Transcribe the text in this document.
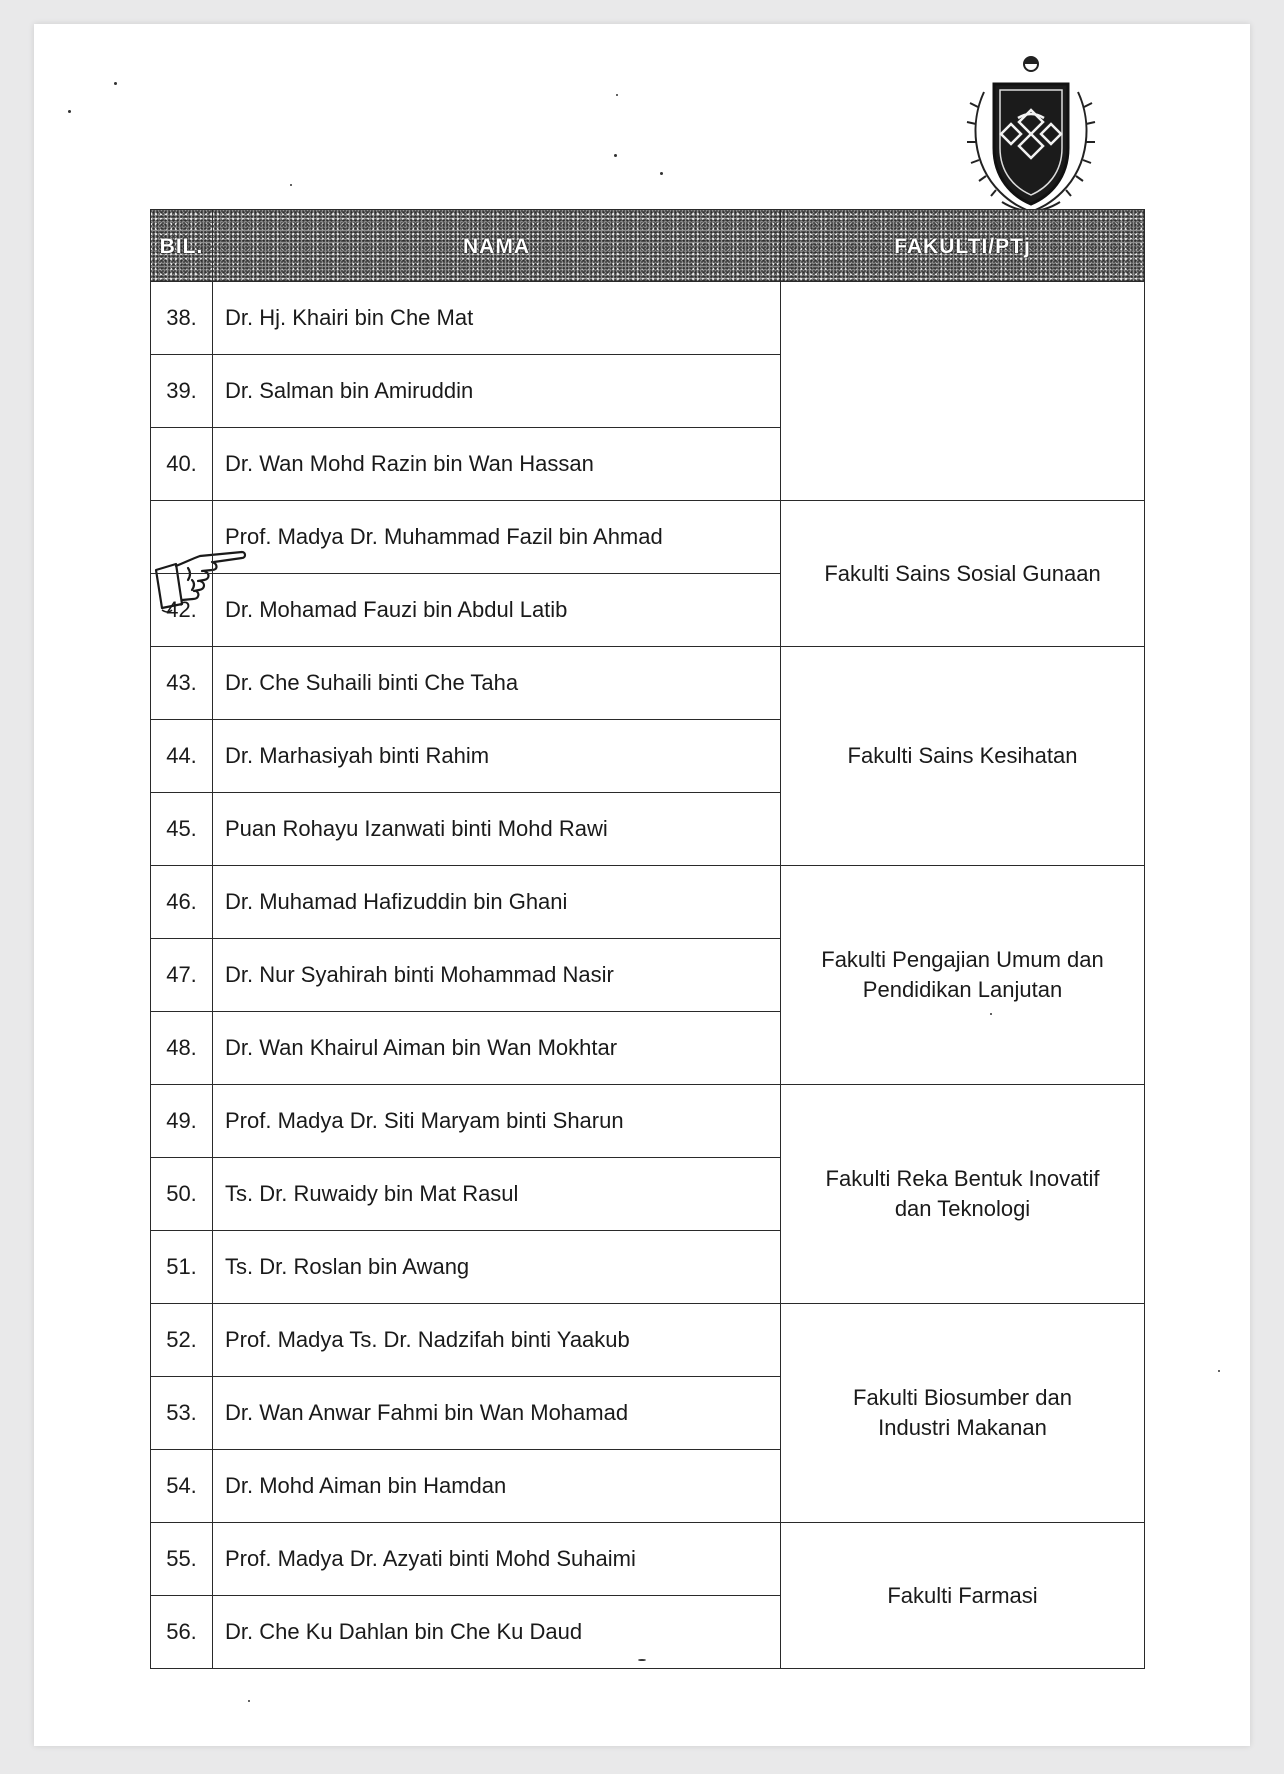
BIL.	NAMA	FAKULTI/PTj
38.	Dr. Hj. Khairi bin Che Mat	
39.	Dr. Salman bin Amiruddin	
40.	Dr. Wan Mohd Razin bin Wan Hassan	
	Prof. Madya Dr. Muhammad Fazil bin Ahmad	Fakulti Sains Sosial Gunaan
42.	Dr. Mohamad Fauzi bin Abdul Latib	
43.	Dr. Che Suhaili binti Che Taha	Fakulti Sains Kesihatan
44.	Dr. Marhasiyah binti Rahim	
45.	Puan Rohayu Izanwati binti Mohd Rawi	
46.	Dr. Muhamad Hafizuddin bin Ghani	Fakulti Pengajian Umum dan
Pendidikan Lanjutan
47.	Dr. Nur Syahirah binti Mohammad Nasir	
48.	Dr. Wan Khairul Aiman bin Wan Mokhtar	
49.	Prof. Madya Dr. Siti Maryam binti Sharun	Fakulti Reka Bentuk Inovatif
dan Teknologi
50.	Ts. Dr. Ruwaidy bin Mat Rasul	
51.	Ts. Dr. Roslan bin Awang	
52.	Prof. Madya Ts. Dr. Nadzifah binti Yaakub	Fakulti Biosumber dan
Industri Makanan
53.	Dr. Wan Anwar Fahmi bin Wan Mohamad	
54.	Dr. Mohd Aiman bin Hamdan	
55.	Prof. Madya Dr. Azyati binti Mohd Suhaimi	Fakulti Farmasi
56.	Dr. Che Ku Dahlan bin Che Ku Daud	
